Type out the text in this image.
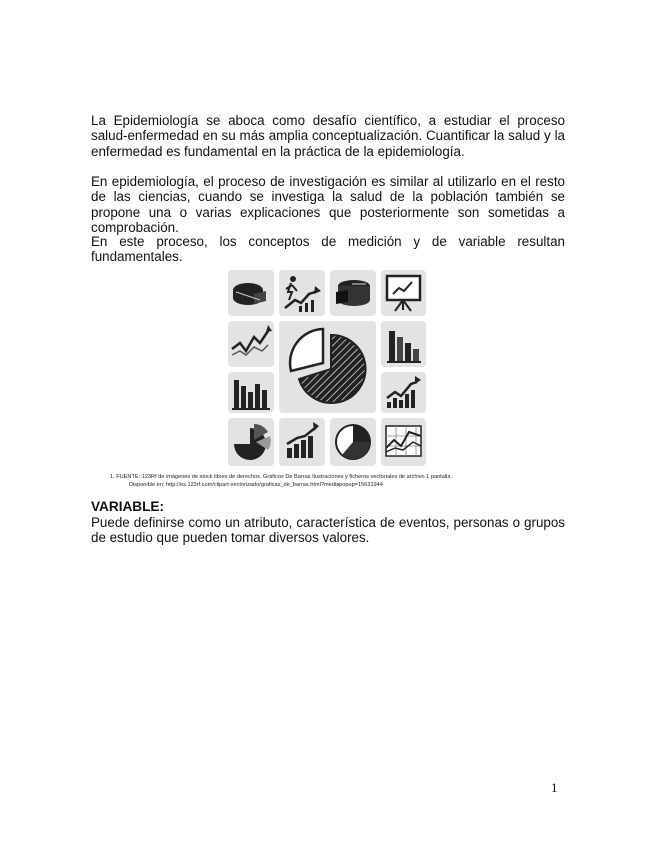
La Epidemiología se aboca como desafío científico, a estudiar el proceso salud-enfermedad en su más amplia conceptualización. Cuantificar la salud y la enfermedad es fundamental en la práctica de la epidemiología.

En epidemiología, el proceso de investigación es similar al utilizarlo en el resto de las ciencias, cuando se investiga la salud de la población también se propone una o varias explicaciones que posteriormente son sometidas a comprobación.

En este proceso, los conceptos de medición y de variable resultan fundamentales.

1. FUENTE: 123Rf de imágenes de stock libres de derechos. Gráficos De Barras Ilustraciones y ficheros vectoriales de archivo.1 pantalla.
Disponible en: http://es.123rf.com/clipart-vectorizado/graficas_de_barras.html?mediapopup=15631944

VARIABLE:

Puede definirse como un atributo, característica de eventos, personas o grupos de estudio que pueden tomar diversos valores.

1
